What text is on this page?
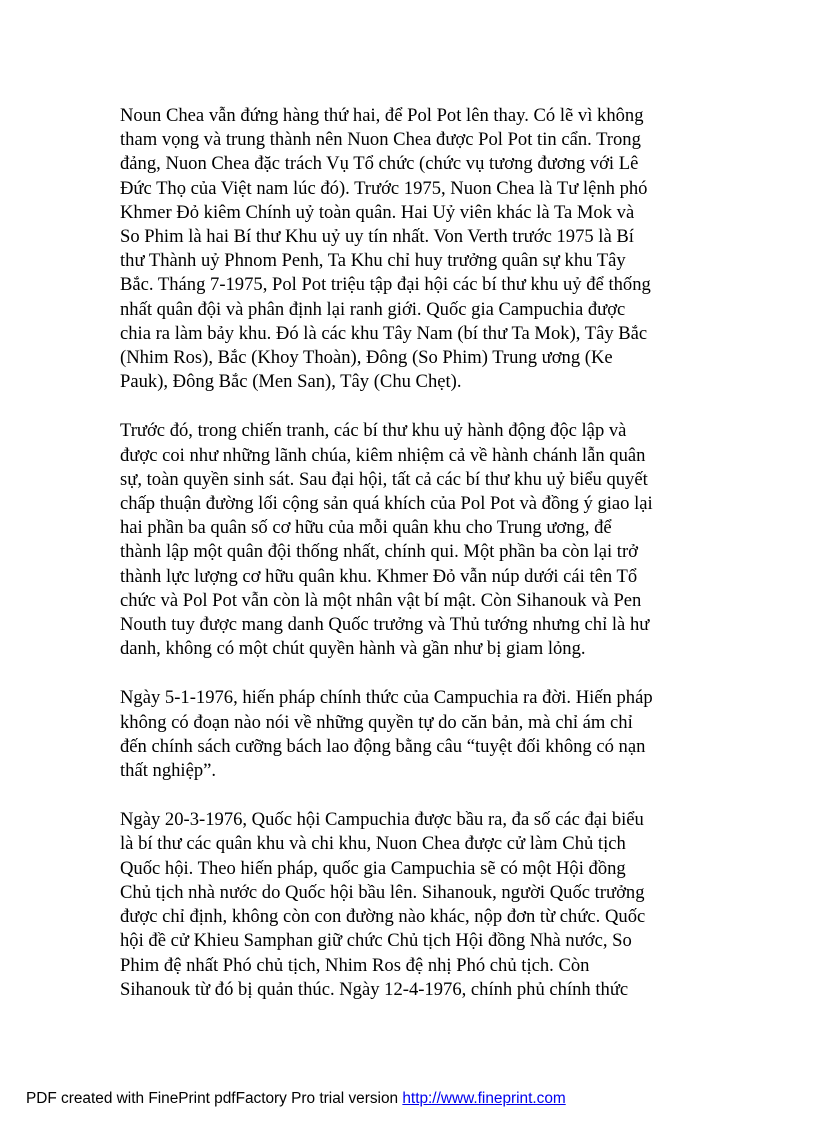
Noun Chea vẫn đứng hàng thứ hai, để Pol Pot lên thay. Có lẽ vì không
tham vọng và trung thành nên Nuon Chea được Pol Pot tin cẩn. Trong
đảng, Nuon Chea đặc trách Vụ Tổ chức (chức vụ tương đương với Lê
Đức Thọ của Việt nam lúc đó). Trước 1975, Nuon Chea là Tư lệnh phó
Khmer Đỏ kiêm Chính uỷ toàn quân. Hai Uỷ viên khác là Ta Mok và
So Phim là hai Bí thư Khu uỷ uy tín nhất. Von Verth trước 1975 là Bí
thư Thành uỷ Phnom Penh, Ta Khu chỉ huy trưởng quân sự khu Tây
Bắc. Tháng 7-1975, Pol Pot triệu tập đại hội các bí thư khu uỷ để thống
nhất quân đội và phân định lại ranh giới. Quốc gia Campuchia được
chia ra làm bảy khu. Đó là các khu Tây Nam (bí thư Ta Mok), Tây Bắc
(Nhim Ros), Bắc (Khoy Thoàn), Đông (So Phim) Trung ương (Ke
Pauk), Đông Bắc (Men San), Tây (Chu Chẹt).

Trước đó, trong chiến tranh, các bí thư khu uỷ hành động độc lập và
được coi như những lãnh chúa, kiêm nhiệm cả về hành chánh lẫn quân
sự, toàn quyền sinh sát. Sau đại hội, tất cả các bí thư khu uỷ biểu quyết
chấp thuận đường lối cộng sản quá khích của Pol Pot và đồng ý giao lại
hai phần ba quân số cơ hữu của mỗi quân khu cho Trung ương, để
thành lập một quân đội thống nhất, chính qui. Một phần ba còn lại trở
thành lực lượng cơ hữu quân khu. Khmer Đỏ vẫn núp dưới cái tên Tổ
chức và Pol Pot vẫn còn là một nhân vật bí mật. Còn Sihanouk và Pen
Nouth tuy được mang danh Quốc trưởng và Thủ tướng nhưng chỉ là hư
danh, không có một chút quyền hành và gần như bị giam lỏng.

Ngày 5-1-1976, hiến pháp chính thức của Campuchia ra đời. Hiến pháp
không có đoạn nào nói về những quyền tự do căn bản, mà chỉ ám chỉ
đến chính sách cưỡng bách lao động bằng câu “tuyệt đối không có nạn
thất nghiệp”.

Ngày 20-3-1976, Quốc hội Campuchia được bầu ra, đa số các đại biểu
là bí thư các quân khu và chi khu, Nuon Chea được cử làm Chủ tịch
Quốc hội. Theo hiến pháp, quốc gia Campuchia sẽ có một Hội đồng
Chủ tịch nhà nước do Quốc hội bầu lên. Sihanouk, người Quốc trưởng
được chỉ định, không còn con đường nào khác, nộp đơn từ chức. Quốc
hội đề cử Khieu Samphan giữ chức Chủ tịch Hội đồng Nhà nước, So
Phim đệ nhất Phó chủ tịch, Nhim Ros đệ nhị Phó chủ tịch. Còn
Sihanouk từ đó bị quản thúc. Ngày 12-4-1976, chính phủ chính thức

PDF created with FinePrint pdfFactory Pro trial version http://www.fineprint.com
